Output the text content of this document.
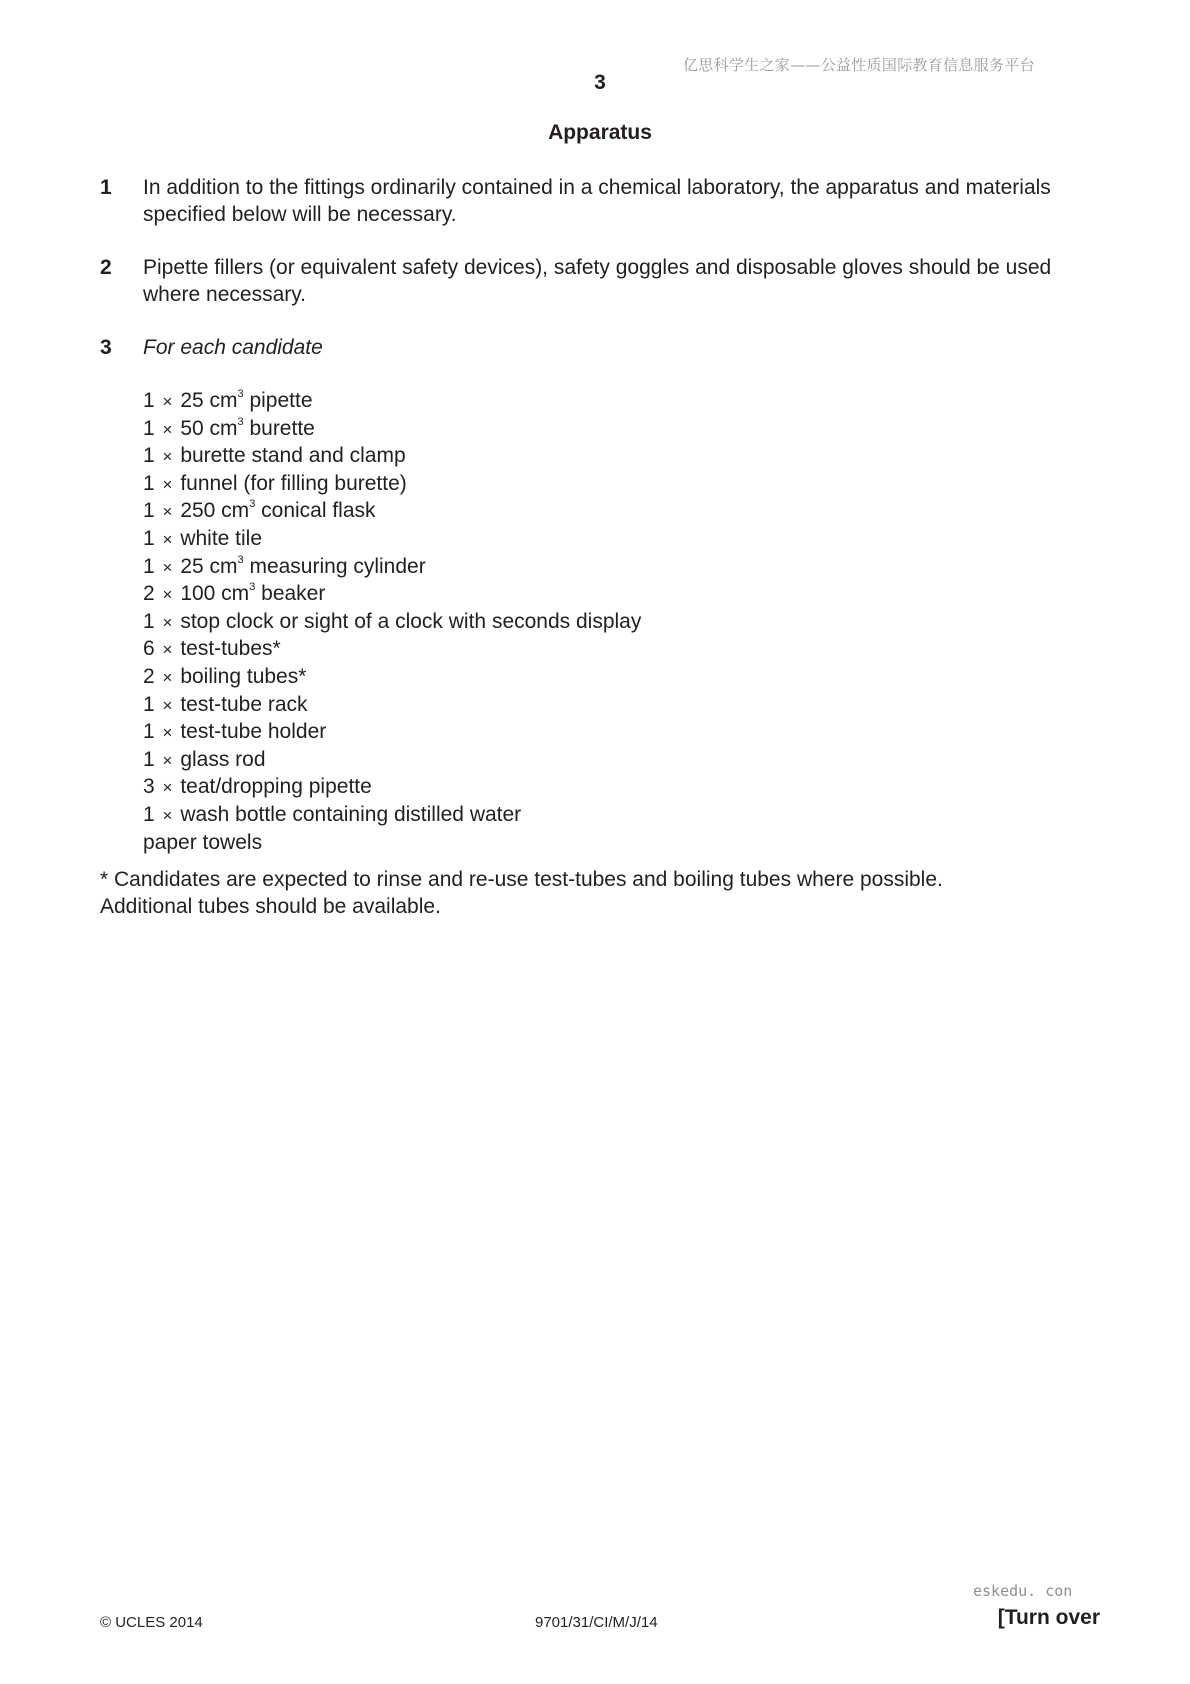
亿思科学生之家——公益性质国际教育信息服务平台
3
Apparatus
1 In addition to the fittings ordinarily contained in a chemical laboratory, the apparatus and materials specified below will be necessary.
2 Pipette fillers (or equivalent safety devices), safety goggles and disposable gloves should be used where necessary.
3 For each candidate
1 × 25 $cm^3$ pipette
1 × 50 $cm^3$ burette
1 × burette stand and clamp
1 × funnel (for filling burette)
1 × 250 $cm^3$ conical flask
1 × white tile
1 × 25 $cm^3$ measuring cylinder
2 × 100 $cm^3$ beaker
1 × stop clock or sight of a clock with seconds display
6 × test-tubes*
2 × boiling tubes*
1 × test-tube rack
1 × test-tube holder
1 × glass rod
3 × teat/dropping pipette
1 × wash bottle containing distilled water
paper towels
* Candidates are expected to rinse and re-use test-tubes and boiling tubes where possible.
Additional tubes should be available.
eskedu. con
© UCLES 2014	9701/31/CI/M/J/14	[Turn over
